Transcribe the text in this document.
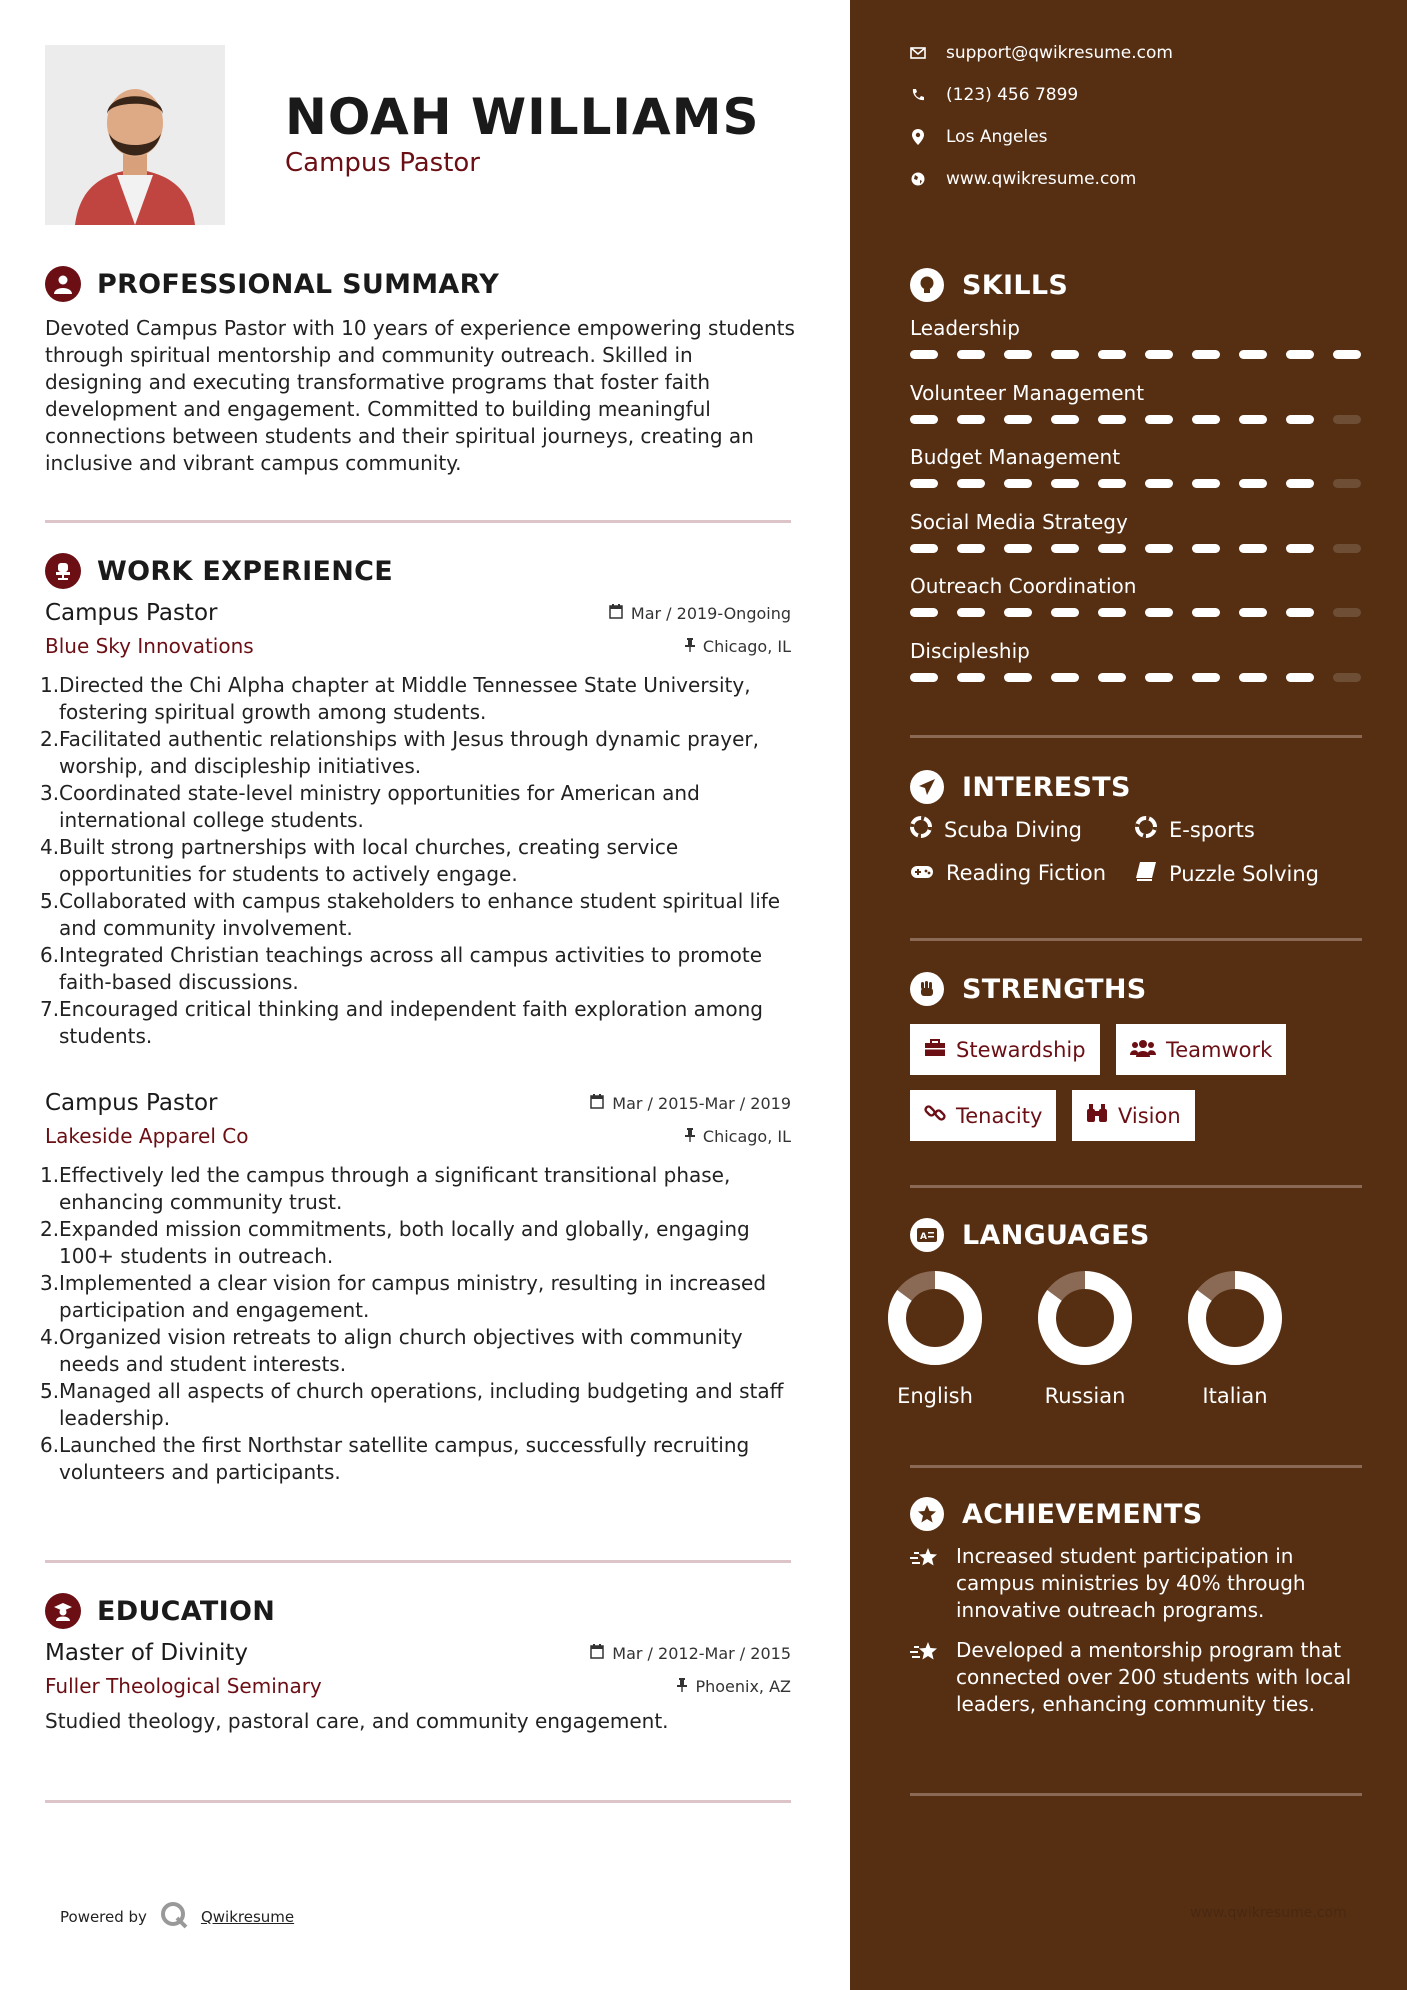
NOAH WILLIAMS
Campus Pastor
PROFESSIONAL SUMMARY
Devoted Campus Pastor with 10 years of experience empowering students through spiritual mentorship and community outreach. Skilled in designing and executing transformative programs that foster faith development and engagement. Committed to building meaningful connections between students and their spiritual journeys, creating an inclusive and vibrant campus community.
WORK EXPERIENCE
Campus Pastor	Mar / 2019-Ongoing
Blue Sky Innovations	Chicago, IL
1. Directed the Chi Alpha chapter at Middle Tennessee State University, fostering spiritual growth among students.
2. Facilitated authentic relationships with Jesus through dynamic prayer, worship, and discipleship initiatives.
3. Coordinated state-level ministry opportunities for American and international college students.
4. Built strong partnerships with local churches, creating service opportunities for students to actively engage.
5. Collaborated with campus stakeholders to enhance student spiritual life and community involvement.
6. Integrated Christian teachings across all campus activities to promote faith-based discussions.
7. Encouraged critical thinking and independent faith exploration among students.
Campus Pastor	Mar / 2015-Mar / 2019
Lakeside Apparel Co	Chicago, IL
1. Effectively led the campus through a significant transitional phase, enhancing community trust.
2. Expanded mission commitments, both locally and globally, engaging 100+ students in outreach.
3. Implemented a clear vision for campus ministry, resulting in increased participation and engagement.
4. Organized vision retreats to align church objectives with community needs and student interests.
5. Managed all aspects of church operations, including budgeting and staff leadership.
6. Launched the first Northstar satellite campus, successfully recruiting volunteers and participants.
EDUCATION
Master of Divinity	Mar / 2012-Mar / 2015
Fuller Theological Seminary	Phoenix, AZ
Studied theology, pastoral care, and community engagement.
Powered by	Qwikresume
support@qwikresume.com
(123) 456 7899
Los Angeles
www.qwikresume.com
SKILLS
Leadership
Volunteer Management
Budget Management
Social Media Strategy
Outreach Coordination
Discipleship
INTERESTS
Scuba Diving	E-sports
Reading Fiction	Puzzle Solving
STRENGTHS
Stewardship	Teamwork
Tenacity	Vision
A LANGUAGES
English	Russian	Italian
ACHIEVEMENTS
Increased student participation in campus ministries by 40% through innovative outreach programs.
Developed a mentorship program that connected over 200 students with local leaders, enhancing community ties.
www.qwikresume.com
